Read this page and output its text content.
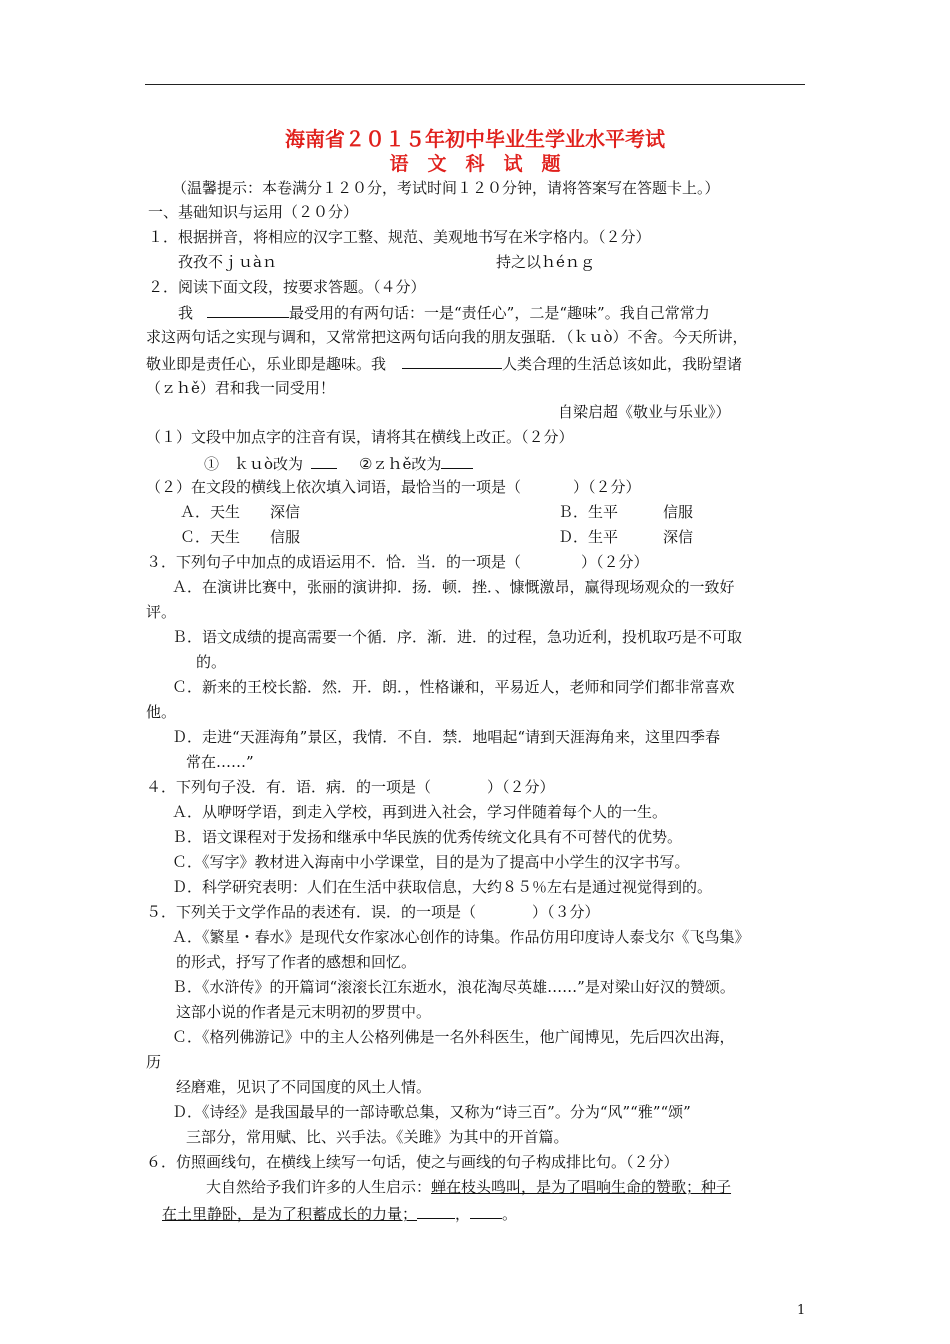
海南省２０１５年初中毕业生学业水平考试
语　文　科　试　题
（温馨提示：本卷满分１２０分，考试时间１２０分钟，请将答案写在答题卡上。）
一、基础知识与运用（２０分）
１．根据拼音，将相应的汉字工整、规范、美观地书写在米字格内。（２分）
孜孜不ｊｕàｎ	持之以ｈéｎｇ
２．阅读下面文段，按要求答题。（４分）
我	最受用的有两句话：一是“责任心”，二是“趣味”。我自己常常力
求这两句话之实现与调和，又常常把这两句话向我的朋友强聒．（ｋｕò）不舍。今天所讲，
敬业即是责任心，乐业即是趣味。我	人类合理的生活总该如此，我盼望诸
（ｚｈě）君和我一同受用！
自梁启超《敬业与乐业》）
（１）文段中加点字的注音有误，请将其在横线上改正。（２分）
①　ｋｕò改为	②ｚｈě改为
（２）在文段的横线上依次填入词语，最恰当的一项是（	）（２分）
Ａ．天生　　深信	Ｂ．生平　　　信服
Ｃ．天生　　信服	Ｄ．生平　　　深信
３．下列句子中加点的成语运用不．恰．当．的一项是（	）（２分）
Ａ．在演讲比赛中，张丽的演讲抑．扬．顿．挫．、慷慨激昂，赢得现场观众的一致好
评。
Ｂ．语文成绩的提高需要一个循．序．渐．进．的过程，急功近利，投机取巧是不可取
的。
Ｃ．新来的王校长豁．然．开．朗．，性格谦和，平易近人，老师和同学们都非常喜欢
他。
Ｄ．走进“天涯海角”景区，我情．不自．禁．地唱起“请到天涯海角来，这里四季春
常在……”
４．下列句子没．有．语．病．的一项是（	）（２分）
Ａ．从咿呀学语，到走入学校，再到进入社会，学习伴随着每个人的一生。
Ｂ．语文课程对于发扬和继承中华民族的优秀传统文化具有不可替代的优势。
Ｃ．《写字》教材进入海南中小学课堂，目的是为了提高中小学生的汉字书写。
Ｄ．科学研究表明：人们在生活中获取信息，大约８５％左右是通过视觉得到的。
５．下列关于文学作品的表述有．误．的一项是（	）（３分）
Ａ．《繁星・春水》是现代女作家冰心创作的诗集。作品仿用印度诗人泰戈尔《飞鸟集》
的形式，抒写了作者的感想和回忆。
Ｂ．《水浒传》的开篇词“滚滚长江东逝水，浪花淘尽英雄……”是对梁山好汉的赞颂。
这部小说的作者是元末明初的罗贯中。
Ｃ．《格列佛游记》中的主人公格列佛是一名外科医生，他广闻博见，先后四次出海，
历
经磨难，见识了不同国度的风土人情。
Ｄ．《诗经》是我国最早的一部诗歌总集，又称为“诗三百”。分为“风”“雅”“颂”
三部分，常用赋、比、兴手法。《关雎》为其中的开首篇。
６．仿照画线句，在横线上续写一句话，使之与画线的句子构成排比句。（２分）
大自然给予我们许多的人生启示：蝉在枝头鸣叫，是为了唱响生命的赞歌；种子
在土里静卧，是为了积蓄成长的力量；	， 。
1
